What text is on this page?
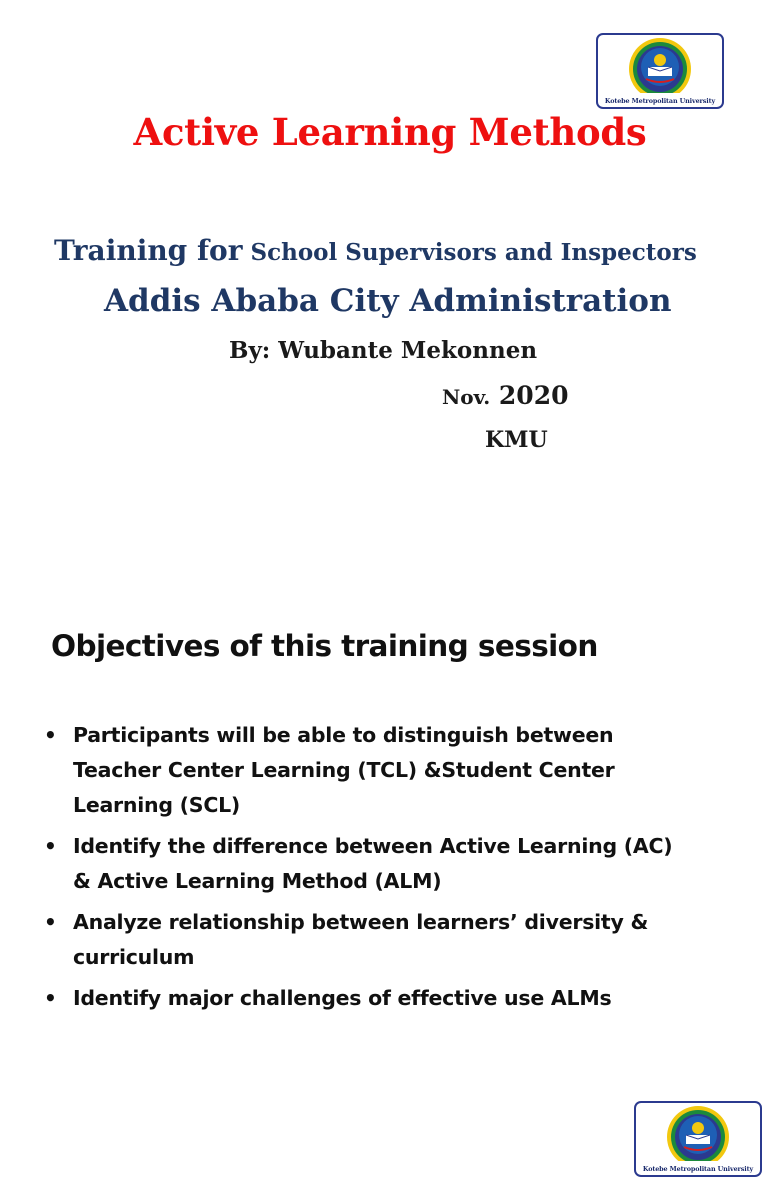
Kotebe Metropolitan University
Active Learning Methods
Training for School Supervisors and Inspectors
Addis Ababa City Administration
By: Wubante Mekonnen
Nov. 2020
KMU
Kotebe Metropolitan University
Objectives of this training session
• Participants will be able to distinguish between
Teacher Center Learning (TCL) &Student Center
Learning (SCL)
• Identify the difference between Active Learning (AC)
& Active Learning Method (ALM)
• Analyze relationship between learners’ diversity &
curriculum
• Identify major challenges of effective use ALMs
